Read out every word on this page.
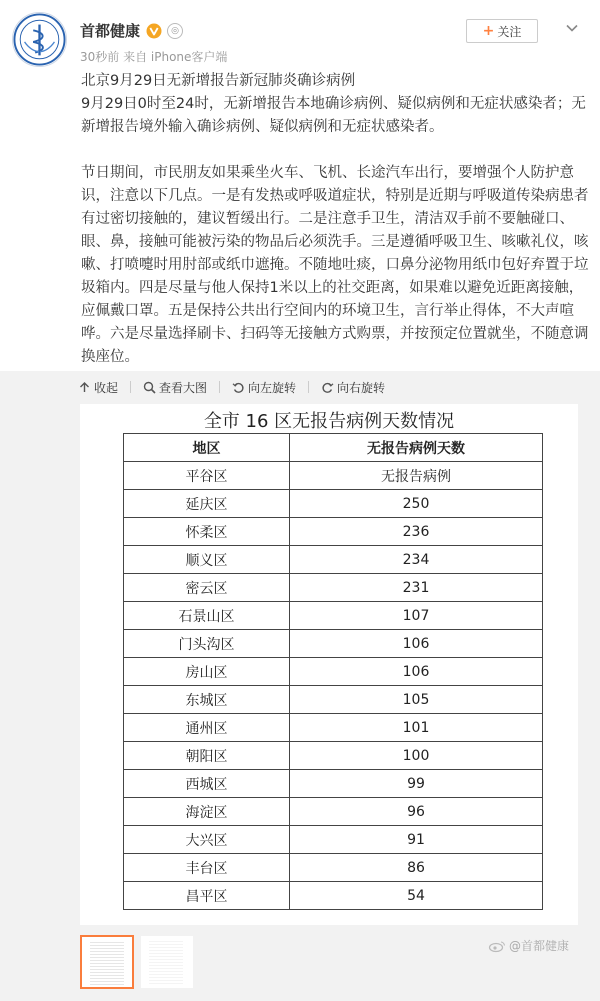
首都健康	◎
30秒前 来自 iPhone客户端
+ 关注

北京9月29日无新增报告新冠肺炎确诊病例

9月29日0时至24时，无新增报告本地确诊病例、疑似病例和无症状感染者；无新增报告境外输入确诊病例、疑似病例和无症状感染者。

节日期间，市民朋友如果乘坐火车、飞机、长途汽车出行，要增强个人防护意识，注意以下几点。一是有发热或呼吸道症状，特别是近期与呼吸道传染病患者有过密切接触的，建议暂缓出行。二是注意手卫生，清洁双手前不要触碰口、眼、鼻，接触可能被污染的物品后必须洗手。三是遵循呼吸卫生、咳嗽礼仪，咳嗽、打喷嚏时用肘部或纸巾遮掩。不随地吐痰，口鼻分泌物用纸巾包好弃置于垃圾箱内。四是尽量与他人保持1米以上的社交距离，如果难以避免近距离接触，应佩戴口罩。五是保持公共出行空间内的环境卫生，言行举止得体，不大声喧哗。六是尽量选择刷卡、扫码等无接触方式购票，并按预定位置就坐，不随意调换座位。

收起	查看大图	向左旋转	向右旋转
全市 16 区无报告病例天数情况
地区	无报告病例天数
平谷区	无报告病例
延庆区	250
怀柔区	236
顺义区	234
密云区	231
石景山区	107
门头沟区	106
房山区	106
东城区	105
通州区	101
朝阳区	100
西城区	99
海淀区	96
大兴区	91
丰台区	86
昌平区	54
@首都健康
